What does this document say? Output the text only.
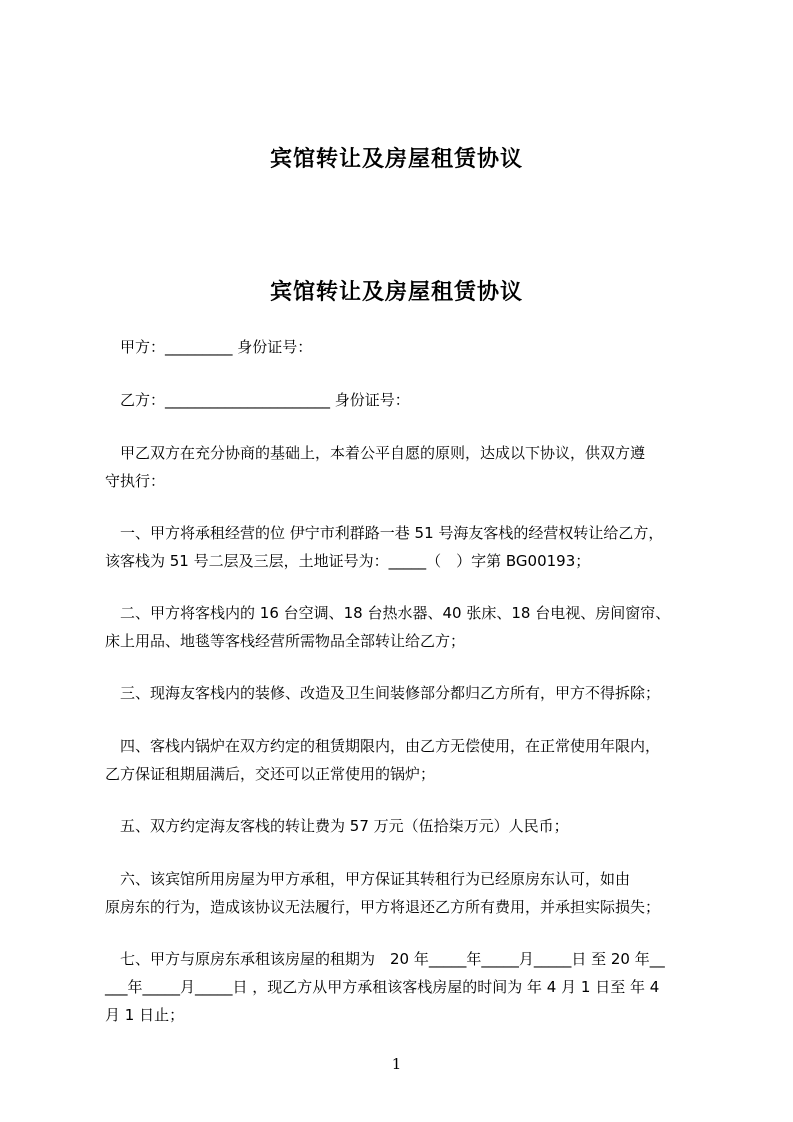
宾馆转让及房屋租赁协议
宾馆转让及房屋租赁协议

　甲方：_________ 身份证号：

　乙方：______________________ 身份证号：

　甲乙双方在充分协商的基础上，本着公平自愿的原则，达成以下协议，供双方遵

守执行：

　一、甲方将承租经营的位 伊宁市利群路一巷 51 号海友客栈的经营权转让给乙方，

该客栈为 51 号二层及三层，土地证号为：_____（　）字第 BG00193；

　二、甲方将客栈内的 16 台空调、18 台热水器、40 张床、18 台电视、房间窗帘、

床上用品、地毯等客栈经营所需物品全部转让给乙方；

　三、现海友客栈内的装修、改造及卫生间装修部分都归乙方所有，甲方不得拆除；

　四、客栈内锅炉在双方约定的租赁期限内，由乙方无偿使用，在正常使用年限内，

乙方保证租期届满后，交还可以正常使用的锅炉；

　五、双方约定海友客栈的转让费为 57 万元（伍拾柒万元）人民币；

　六、该宾馆所用房屋为甲方承租，甲方保证其转租行为已经原房东认可，如由

原房东的行为，造成该协议无法履行，甲方将退还乙方所有费用，并承担实际损失；

　七、甲方与原房东承租该房屋的租期为　20 年_____年_____月_____日 至 20 年__

___年_____月_____日 ，现乙方从甲方承租该客栈房屋的时间为 年 4 月 1 日至 年 4

月 1 日止；

1
